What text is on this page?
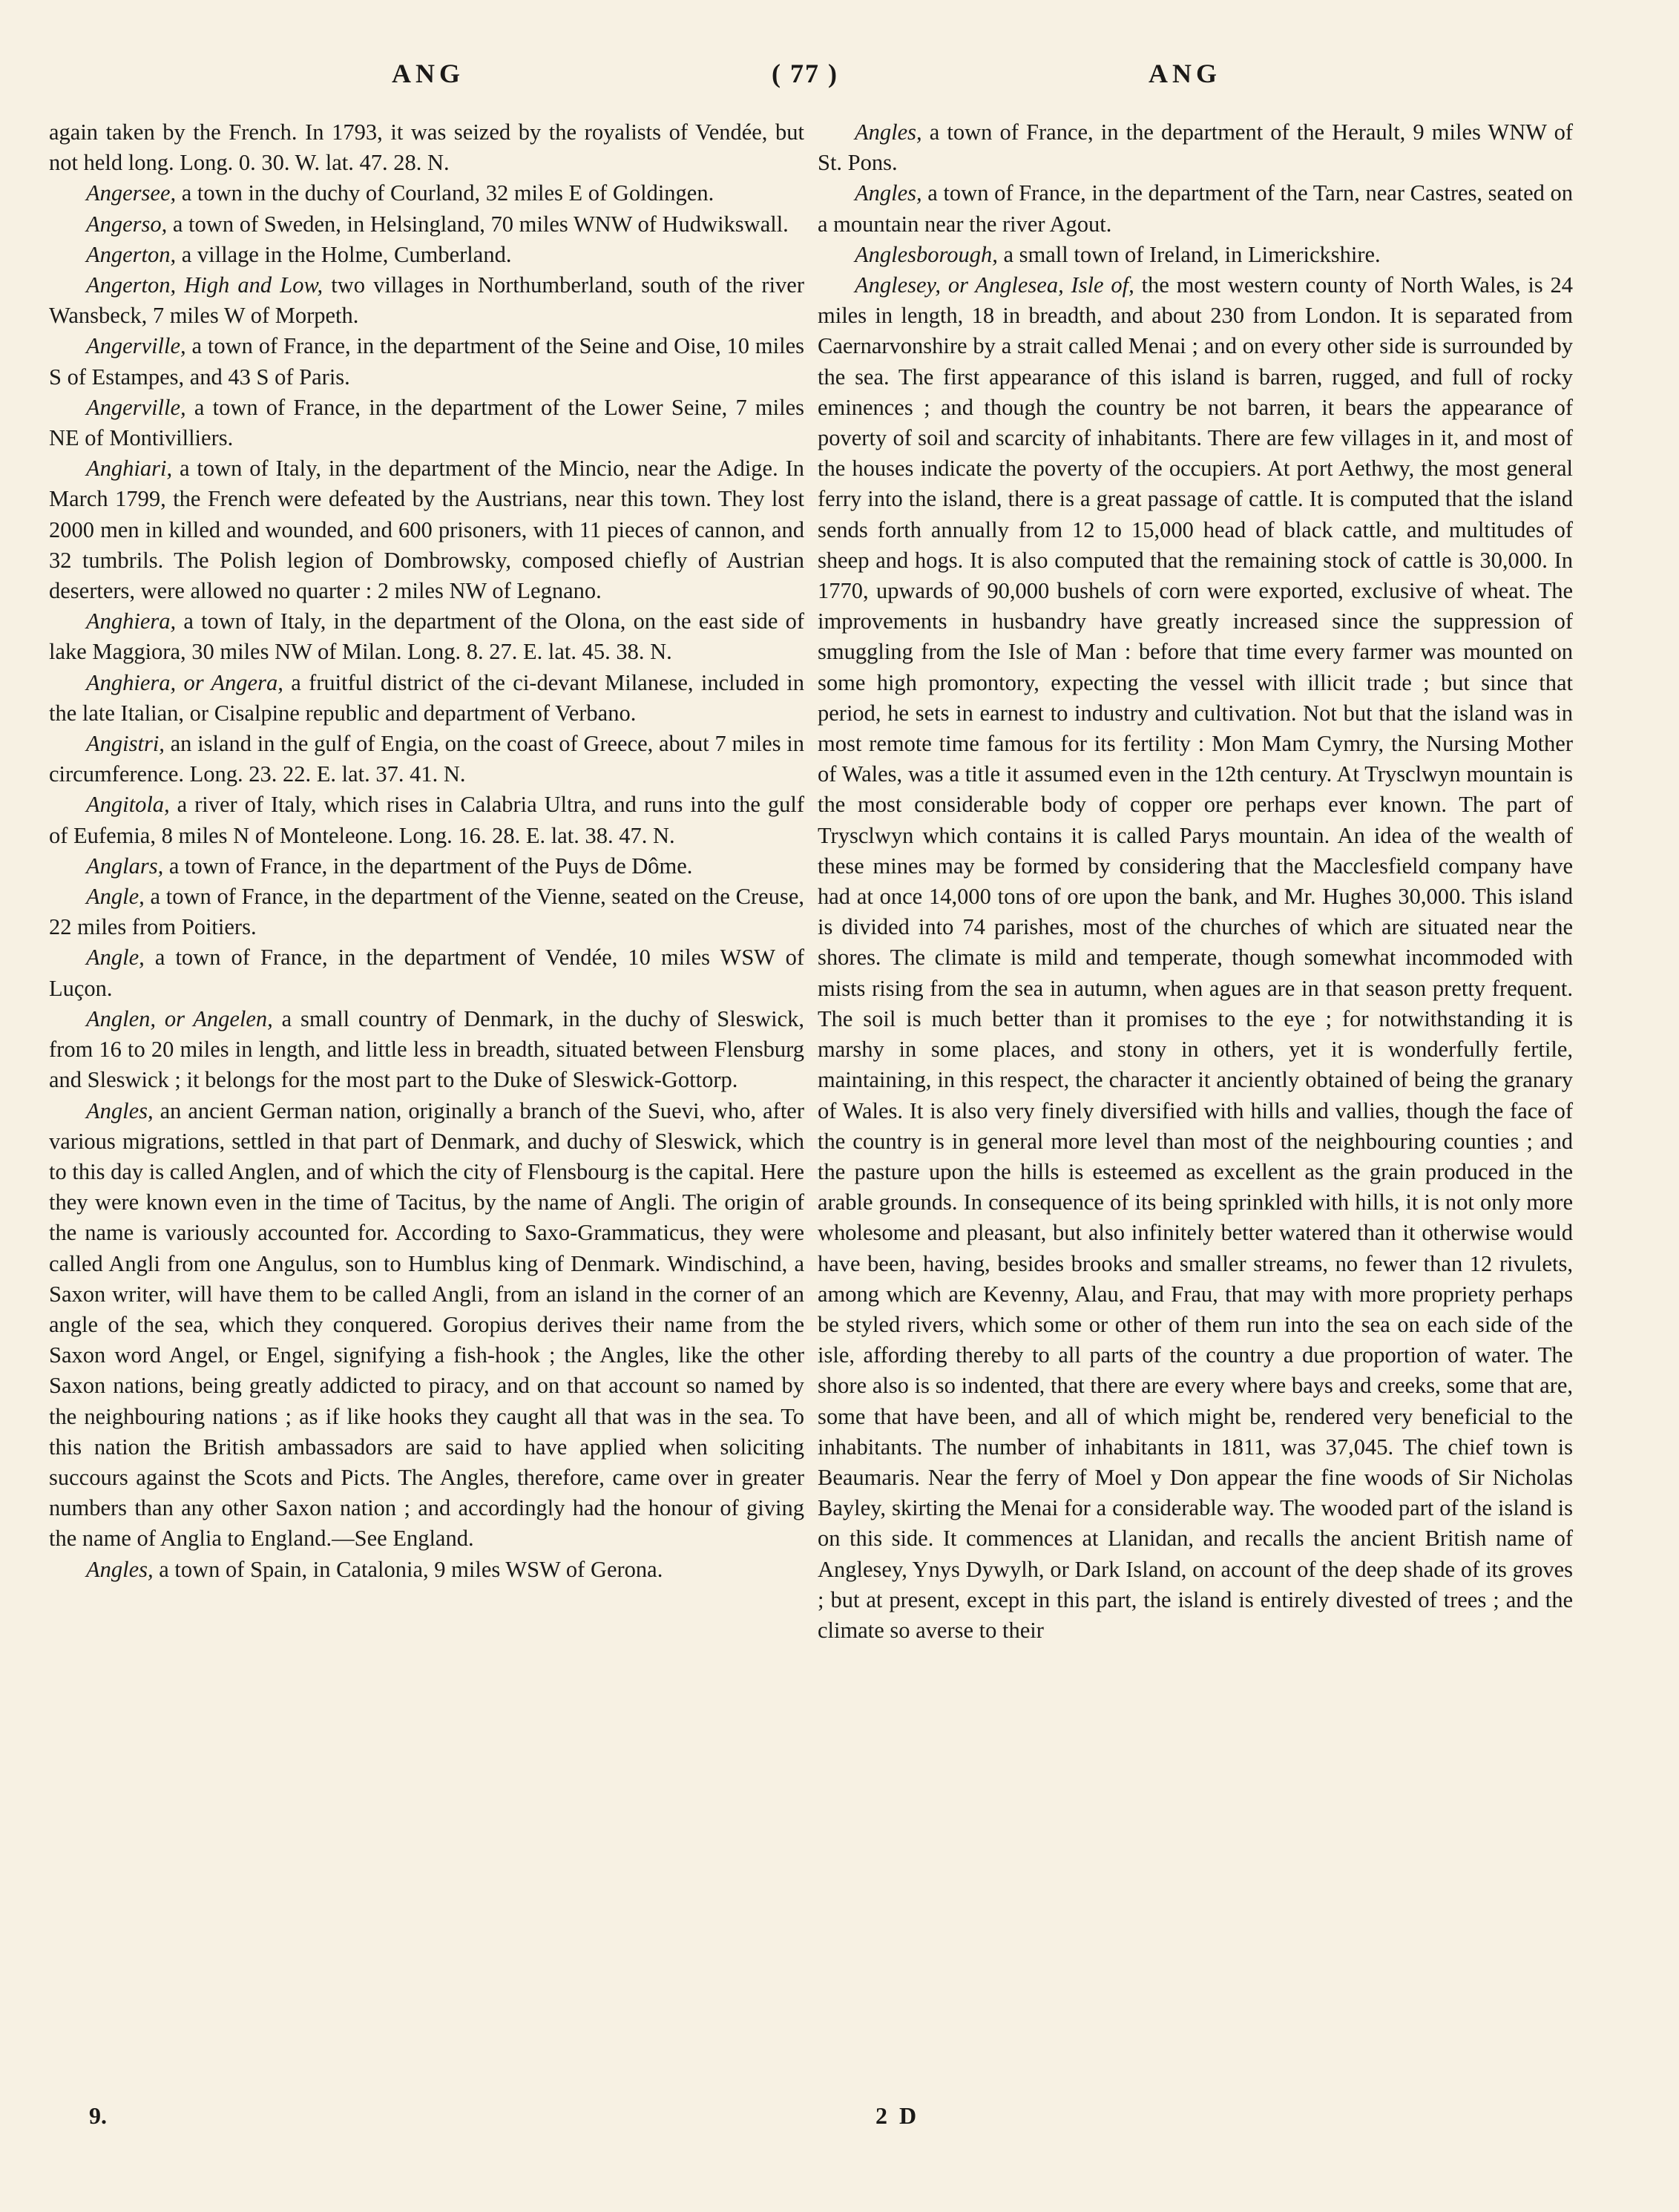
ANG	( 77 )	ANG

again taken by the French. In 1793, it was seized by the royalists of Vendée, but not held long. Long. 0. 30. W. lat. 47. 28. N.

Angersee, a town in the duchy of Courland, 32 miles E of Goldingen.

Angerso, a town of Sweden, in Helsingland, 70 miles WNW of Hudwikswall.

Angerton, a village in the Holme, Cumberland.

Angerton, High and Low, two villages in Northumberland, south of the river Wansbeck, 7 miles W of Morpeth.

Angerville, a town of France, in the department of the Seine and Oise, 10 miles S of Estampes, and 43 S of Paris.

Angerville, a town of France, in the department of the Lower Seine, 7 miles NE of Montivilliers.

Anghiari, a town of Italy, in the department of the Mincio, near the Adige. In March 1799, the French were defeated by the Austrians, near this town. They lost 2000 men in killed and wounded, and 600 prisoners, with 11 pieces of cannon, and 32 tumbrils. The Polish legion of Dombrowsky, composed chiefly of Austrian deserters, were allowed no quarter : 2 miles NW of Legnano.

Anghiera, a town of Italy, in the department of the Olona, on the east side of lake Maggiora, 30 miles NW of Milan. Long. 8. 27. E. lat. 45. 38. N.

Anghiera, or Angera, a fruitful district of the ci-devant Milanese, included in the late Italian, or Cisalpine republic and department of Verbano.

Angistri, an island in the gulf of Engia, on the coast of Greece, about 7 miles in circumference. Long. 23. 22. E. lat. 37. 41. N.

Angitola, a river of Italy, which rises in Calabria Ultra, and runs into the gulf of Eufemia, 8 miles N of Monteleone. Long. 16. 28. E. lat. 38. 47. N.

Anglars, a town of France, in the department of the Puys de Dôme.

Angle, a town of France, in the department of the Vienne, seated on the Creuse, 22 miles from Poitiers.

Angle, a town of France, in the department of Vendée, 10 miles WSW of Luçon.

Anglen, or Angelen, a small country of Denmark, in the duchy of Sleswick, from 16 to 20 miles in length, and little less in breadth, situated between Flensburg and Sleswick ; it belongs for the most part to the Duke of Sleswick-Gottorp.

Angles, an ancient German nation, originally a branch of the Suevi, who, after various migrations, settled in that part of Denmark, and duchy of Sleswick, which to this day is called Anglen, and of which the city of Flensbourg is the capital. Here they were known even in the time of Tacitus, by the name of Angli. The origin of the name is variously accounted for. According to Saxo-Grammaticus, they were called Angli from one Angulus, son to Humblus king of Denmark. Windischind, a Saxon writer, will have them to be called Angli, from an island in the corner of an angle of the sea, which they conquered. Goropius derives their name from the Saxon word Angel, or Engel, signifying a fish-hook ; the Angles, like the other Saxon nations, being greatly addicted to piracy, and on that account so named by the neighbouring nations ; as if like hooks they caught all that was in the sea. To this nation the British ambassadors are said to have applied when soliciting succours against the Scots and Picts. The Angles, therefore, came over in greater numbers than any other Saxon nation ; and accordingly had the honour of giving the name of Anglia to England.—See England.

Angles, a town of Spain, in Catalonia, 9 miles WSW of Gerona.

Angles, a town of France, in the department of the Herault, 9 miles WNW of St. Pons.

Angles, a town of France, in the department of the Tarn, near Castres, seated on a mountain near the river Agout.

Anglesborough, a small town of Ireland, in Limerickshire.

Anglesey, or Anglesea, Isle of, the most western county of North Wales, is 24 miles in length, 18 in breadth, and about 230 from London. It is separated from Caernarvonshire by a strait called Menai ; and on every other side is surrounded by the sea. The first appearance of this island is barren, rugged, and full of rocky eminences ; and though the country be not barren, it bears the appearance of poverty of soil and scarcity of inhabitants. There are few villages in it, and most of the houses indicate the poverty of the occupiers. At port Aethwy, the most general ferry into the island, there is a great passage of cattle. It is computed that the island sends forth annually from 12 to 15,000 head of black cattle, and multitudes of sheep and hogs. It is also computed that the remaining stock of cattle is 30,000. In 1770, upwards of 90,000 bushels of corn were exported, exclusive of wheat. The improvements in husbandry have greatly increased since the suppression of smuggling from the Isle of Man : before that time every farmer was mounted on some high promontory, expecting the vessel with illicit trade ; but since that period, he sets in earnest to industry and cultivation. Not but that the island was in most remote time famous for its fertility : Mon Mam Cymry, the Nursing Mother of Wales, was a title it assumed even in the 12th century. At Trysclwyn mountain is the most considerable body of copper ore perhaps ever known. The part of Trysclwyn which contains it is called Parys mountain. An idea of the wealth of these mines may be formed by considering that the Macclesfield company have had at once 14,000 tons of ore upon the bank, and Mr. Hughes 30,000. This island is divided into 74 parishes, most of the churches of which are situated near the shores. The climate is mild and temperate, though somewhat incommoded with mists rising from the sea in autumn, when agues are in that season pretty frequent. The soil is much better than it promises to the eye ; for notwithstanding it is marshy in some places, and stony in others, yet it is wonderfully fertile, maintaining, in this respect, the character it anciently obtained of being the granary of Wales. It is also very finely diversified with hills and vallies, though the face of the country is in general more level than most of the neighbouring counties ; and the pasture upon the hills is esteemed as excellent as the grain produced in the arable grounds. In consequence of its being sprinkled with hills, it is not only more wholesome and pleasant, but also infinitely better watered than it otherwise would have been, having, besides brooks and smaller streams, no fewer than 12 rivulets, among which are Kevenny, Alau, and Frau, that may with more propriety perhaps be styled rivers, which some or other of them run into the sea on each side of the isle, affording thereby to all parts of the country a due proportion of water. The shore also is so indented, that there are every where bays and creeks, some that are, some that have been, and all of which might be, rendered very beneficial to the inhabitants. The number of inhabitants in 1811, was 37,045. The chief town is Beaumaris. Near the ferry of Moel y Don appear the fine woods of Sir Nicholas Bayley, skirting the Menai for a considerable way. The wooded part of the island is on this side. It commences at Llanidan, and recalls the ancient British name of Anglesey, Ynys Dywylh, or Dark Island, on account of the deep shade of its groves ; but at present, except in this part, the island is entirely divested of trees ; and the climate so averse to their

9.	2 D
